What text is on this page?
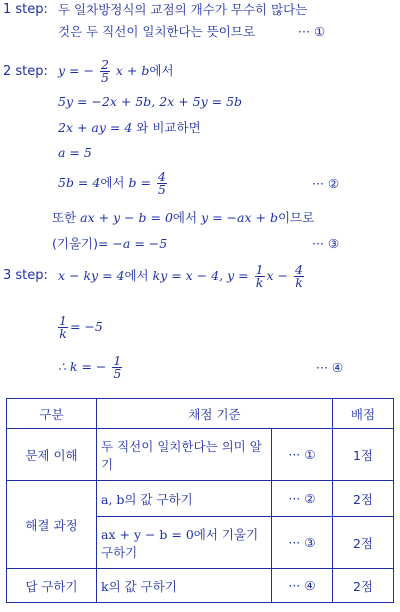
1 step: 두 일차방정식의 교점의 개수가 무수히 많다는
것은 두 직선이 일치한다는 뜻이므로	··· ①
2 step: y = − $\frac{2}{5}$ x + b에서
5y = −2x + 5b, 2x + 5y = 5b
2x + ay = 4 와 비교하면
a = 5
5b = 4에서 $b = \frac{4}{5}$	··· ②
또한 ax + y − b = 0에서 y = −ax + b이므로
(기울기)= −a = −5	··· ③
3 step: x − ky = 4에서 ky = x − 4, $y = \frac{1}{k}$ $x - \frac{4}{k}$
$\frac{1}{k} = -5$
∴ k = − $\frac{1}{5}$	··· ④
구분	채점 기준		배점
문제 이해	두 직선이 일치한다는 의미 알기	··· ①	1점
해결 과정	a, b의 값 구하기	··· ②	2점
	ax + y − b = 0에서 기울기 구하기	··· ③	2점
답 구하기	k의 값 구하기	··· ④	2점
